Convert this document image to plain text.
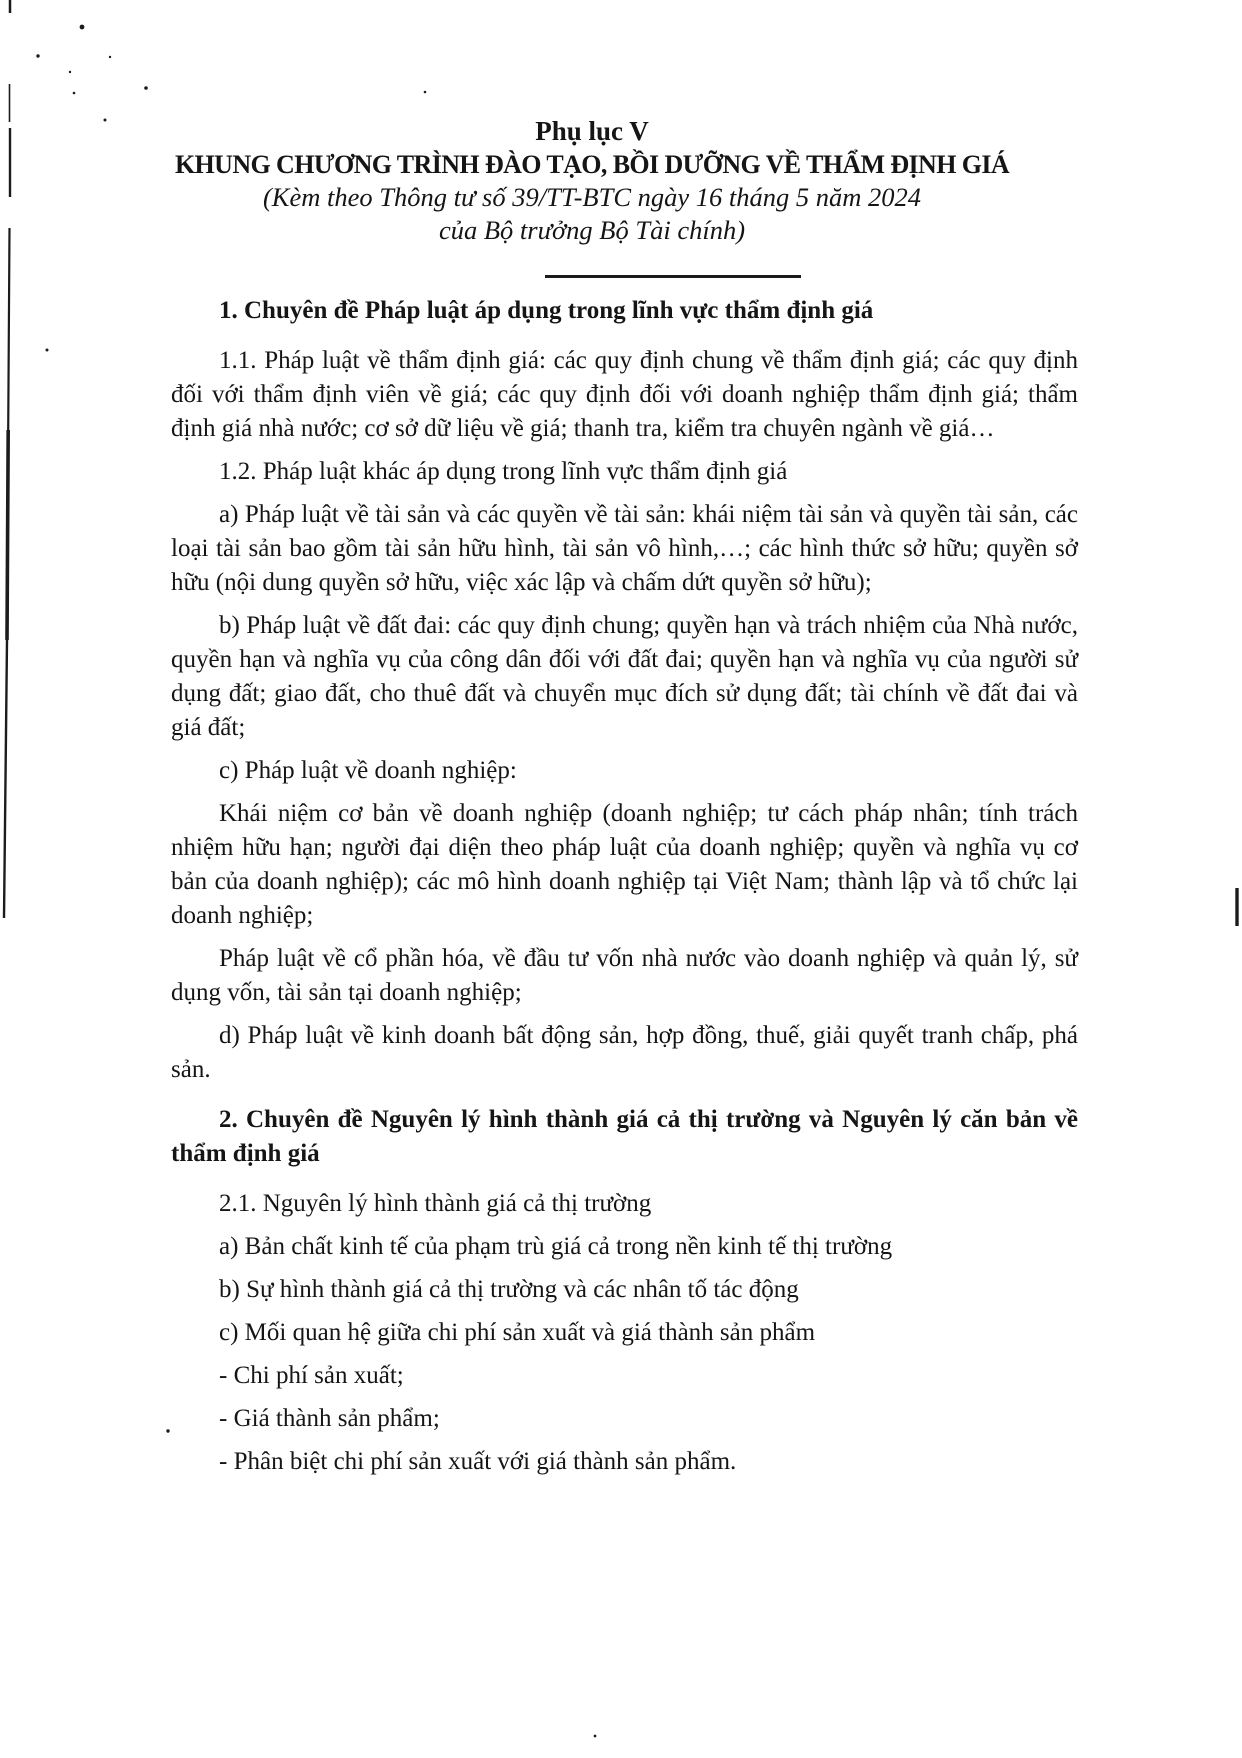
Phụ lục V
KHUNG CHƯƠNG TRÌNH ĐÀO TẠO, BỒI DƯỠNG VỀ THẨM ĐỊNH GIÁ
(Kèm theo Thông tư số 39/TT-BTC ngày 16 tháng 5 năm 2024
của Bộ trưởng Bộ Tài chính)

1. Chuyên đề Pháp luật áp dụng trong lĩnh vực thẩm định giá

1.1. Pháp luật về thẩm định giá: các quy định chung về thẩm định giá; các quy định đối với thẩm định viên về giá; các quy định đối với doanh nghiệp thẩm định giá; thẩm định giá nhà nước; cơ sở dữ liệu về giá; thanh tra, kiểm tra chuyên ngành về giá…

1.2. Pháp luật khác áp dụng trong lĩnh vực thẩm định giá

a) Pháp luật về tài sản và các quyền về tài sản: khái niệm tài sản và quyền tài sản, các loại tài sản bao gồm tài sản hữu hình, tài sản vô hình,…; các hình thức sở hữu; quyền sở hữu (nội dung quyền sở hữu, việc xác lập và chấm dứt quyền sở hữu);

b) Pháp luật về đất đai: các quy định chung; quyền hạn và trách nhiệm của Nhà nước, quyền hạn và nghĩa vụ của công dân đối với đất đai; quyền hạn và nghĩa vụ của người sử dụng đất; giao đất, cho thuê đất và chuyển mục đích sử dụng đất; tài chính về đất đai và giá đất;

c) Pháp luật về doanh nghiệp:

Khái niệm cơ bản về doanh nghiệp (doanh nghiệp; tư cách pháp nhân; tính trách nhiệm hữu hạn; người đại diện theo pháp luật của doanh nghiệp; quyền và nghĩa vụ cơ bản của doanh nghiệp); các mô hình doanh nghiệp tại Việt Nam; thành lập và tổ chức lại doanh nghiệp;

Pháp luật về cổ phần hóa, về đầu tư vốn nhà nước vào doanh nghiệp và quản lý, sử dụng vốn, tài sản tại doanh nghiệp;

d) Pháp luật về kinh doanh bất động sản, hợp đồng, thuế, giải quyết tranh chấp, phá sản.

2. Chuyên đề Nguyên lý hình thành giá cả thị trường và Nguyên lý căn bản về thẩm định giá

2.1. Nguyên lý hình thành giá cả thị trường

a) Bản chất kinh tế của phạm trù giá cả trong nền kinh tế thị trường

b) Sự hình thành giá cả thị trường và các nhân tố tác động

c) Mối quan hệ giữa chi phí sản xuất và giá thành sản phẩm

- Chi phí sản xuất;

- Giá thành sản phẩm;

- Phân biệt chi phí sản xuất với giá thành sản phẩm.
